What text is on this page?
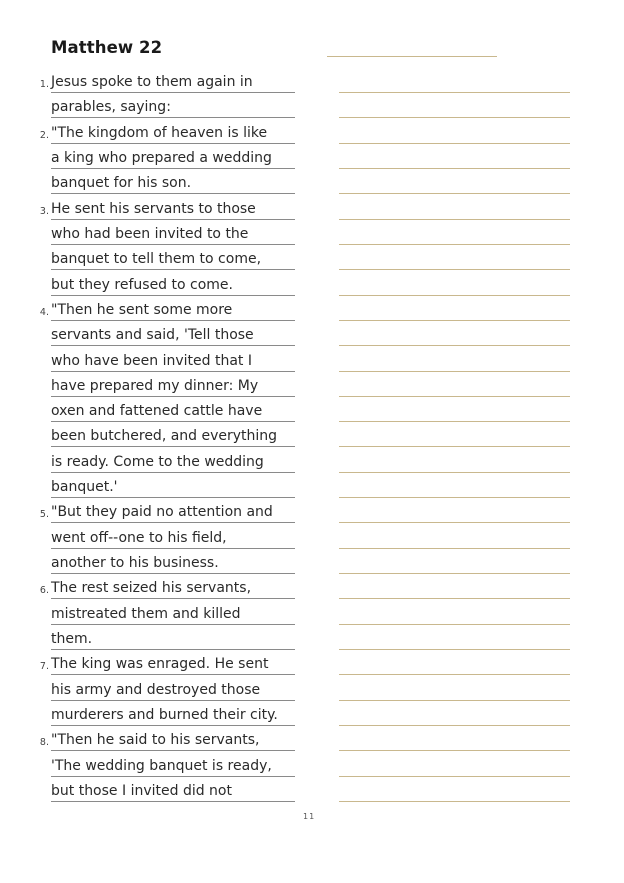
Matthew 22
1. Jesus spoke to them again in
parables, saying:
2. "The kingdom of heaven is like
a king who prepared a wedding
banquet for his son.
3. He sent his servants to those
who had been invited to the
banquet to tell them to come,
but they refused to come.
4. "Then he sent some more
servants and said, 'Tell those
who have been invited that I
have prepared my dinner: My
oxen and fattened cattle have
been butchered, and everything
is ready. Come to the wedding
banquet.'
5. "But they paid no attention and
went off--one to his field,
another to his business.
6. The rest seized his servants,
mistreated them and killed
them.
7. The king was enraged. He sent
his army and destroyed those
murderers and burned their city.
8. "Then he said to his servants,
'The wedding banquet is ready,
but those I invited did not
11
